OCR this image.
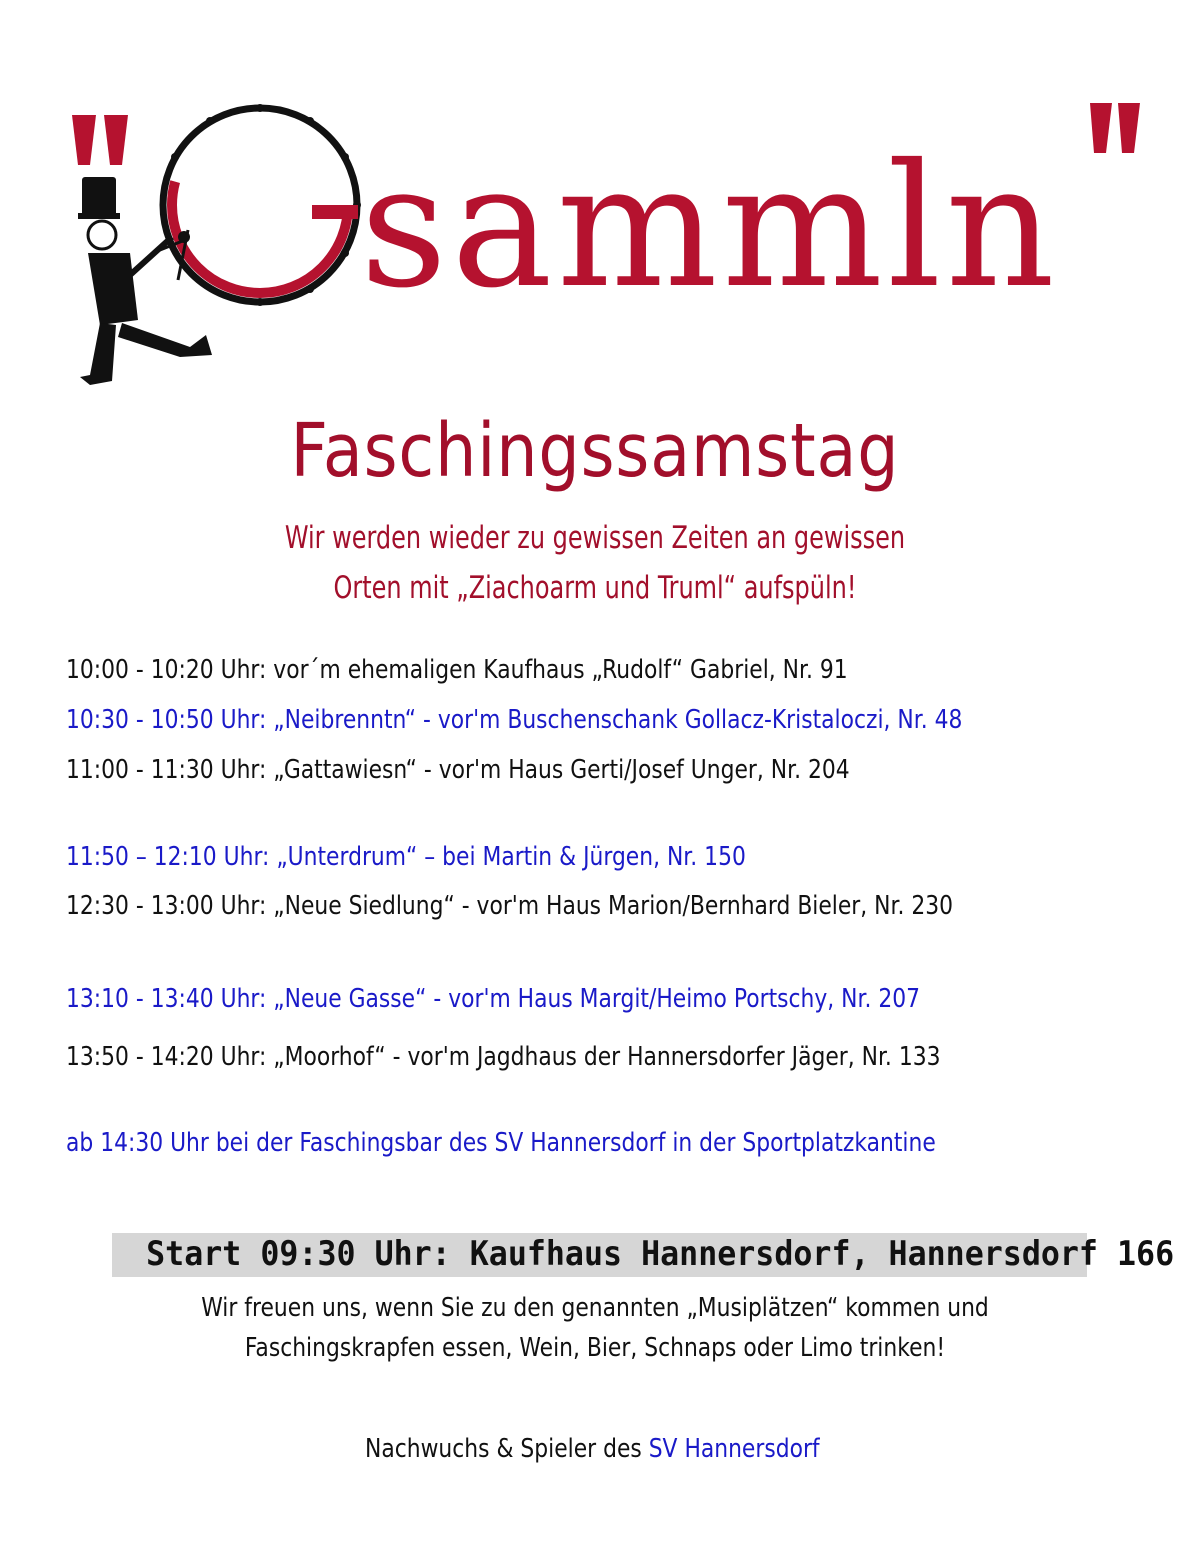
sammln
Faschingssamstag
Wir werden wieder zu gewissen Zeiten an gewissen
Orten mit „Ziachoarm und Truml“ aufspüln!
10:00 - 10:20 Uhr: vor´m ehemaligen Kaufhaus „Rudolf“ Gabriel, Nr. 91
10:30 - 10:50 Uhr: „Neibrenntn“ - vor'm Buschenschank Gollacz-Kristaloczi, Nr. 48
11:00 - 11:30 Uhr: „Gattawiesn“ - vor'm Haus Gerti/Josef Unger, Nr. 204
11:50 – 12:10 Uhr: „Unterdrum“ – bei Martin & Jürgen, Nr. 150
12:30 - 13:00 Uhr: „Neue Siedlung“ - vor'm Haus Marion/Bernhard Bieler, Nr. 230
13:10 - 13:40 Uhr: „Neue Gasse“ - vor'm Haus Margit/Heimo Portschy, Nr. 207
13:50 - 14:20 Uhr: „Moorhof“ - vor'm Jagdhaus der Hannersdorfer Jäger, Nr. 133
ab 14:30 Uhr bei der Faschingsbar des SV Hannersdorf in der Sportplatzkantine
Start 09:30 Uhr: Kaufhaus Hannersdorf, Hannersdorf 166
Wir freuen uns, wenn Sie zu den genannten „Musiplätzen“ kommen und
Faschingskrapfen essen, Wein, Bier, Schnaps oder Limo trinken!
Nachwuchs & Spieler des SV Hannersdorf
